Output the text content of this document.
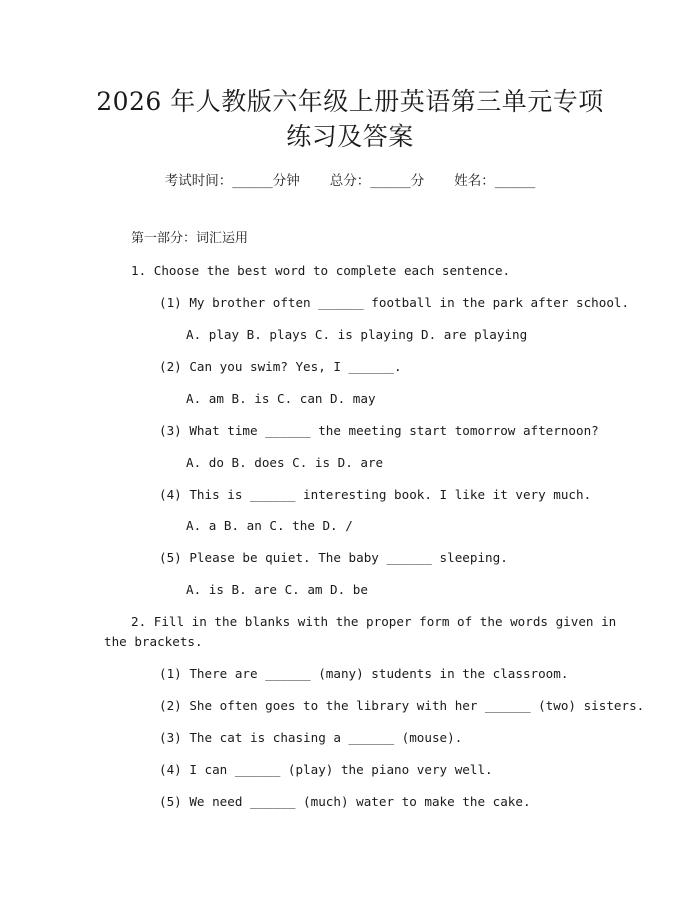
2026 年人教版六年级上册英语第三单元专项
练习及答案
考试时间：______分钟 总分：______分 姓名：______
第一部分：词汇运用
1. Choose the best word to complete each sentence.
(1) My brother often ______ football in the park after school.
A. play B. plays C. is playing D. are playing
(2) Can you swim? Yes, I ______.
A. am B. is C. can D. may
(3) What time ______ the meeting start tomorrow afternoon?
A. do B. does C. is D. are
(4) This is ______ interesting book. I like it very much.
A. a B. an C. the D. /
(5) Please be quiet. The baby ______ sleeping.
A. is B. are C. am D. be
2. Fill in the blanks with the proper form of the words given in
the brackets.
(1) There are ______ (many) students in the classroom.
(2) She often goes to the library with her ______ (two) sisters.
(3) The cat is chasing a ______ (mouse).
(4) I can ______ (play) the piano very well.
(5) We need ______ (much) water to make the cake.
